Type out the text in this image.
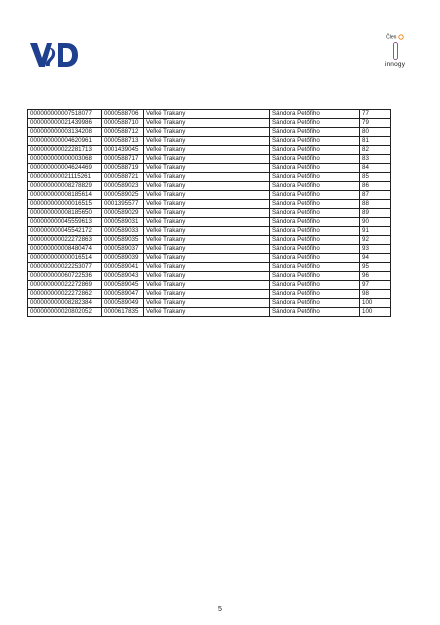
Člen
innogy
000000000007518077	0000588706	Veľké Trakany	Sándora Petőfiho	77
000000000021439986	0000588710	Veľké Trakany	Sándora Petőfiho	79
000000000003134208	0000588712	Veľké Trakany	Sándora Petőfiho	80
000000000004620961	0000588713	Veľké Trakany	Sándora Petőfiho	81
000000000022281713	0001439045	Veľké Trakany	Sándora Petőfiho	82
000000000000003068	0000588717	Veľké Trakany	Sándora Petőfiho	83
000000000004624469	0000588719	Veľké Trakany	Sándora Petőfiho	84
000000000021115261	0000588721	Veľké Trakany	Sándora Petőfiho	85
000000000008278829	0000589023	Veľké Trakany	Sándora Petőfiho	86
000000000008185614	0000589025	Veľké Trakany	Sándora Petőfiho	87
000000000000016515	0001395577	Veľké Trakany	Sándora Petőfiho	88
000000000008185650	0000589029	Veľké Trakany	Sándora Petőfiho	89
000000000045559613	0000589031	Veľké Trakany	Sándora Petőfiho	90
000000000045542172	0000589033	Veľké Trakany	Sándora Petőfiho	91
000000000022272863	0000589035	Veľké Trakany	Sándora Petőfiho	92
000000000008480474	0000589037	Veľké Trakany	Sándora Petőfiho	93
000000000000016514	0000589039	Veľké Trakany	Sándora Petőfiho	94
000000000022253077	0000589041	Veľké Trakany	Sándora Petőfiho	95
000000000060722536	0000589043	Veľké Trakany	Sándora Petőfiho	96
000000000022272869	0000589045	Veľké Trakany	Sándora Petőfiho	97
000000000022272862	0000589047	Veľké Trakany	Sándora Petőfiho	98
000000000008282384	0000589049	Veľké Trakany	Sándora Petőfiho	100
000000000020802052	0000617835	Veľké Trakany	Sándora Petőfiho	100
5
